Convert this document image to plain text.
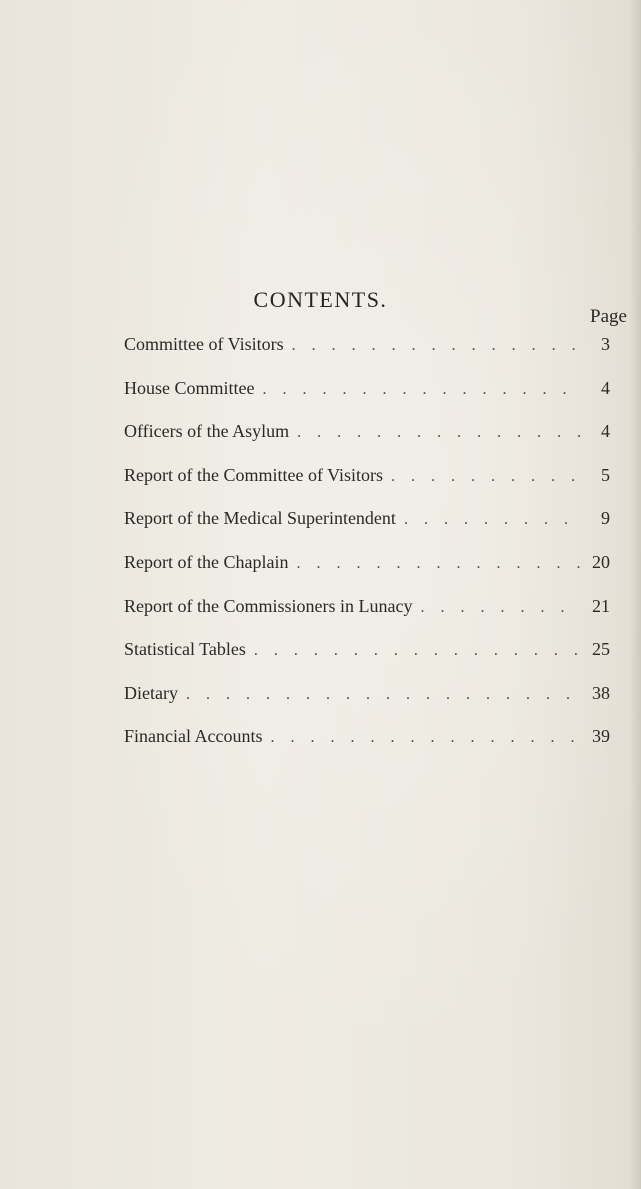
CONTENTS.
Page
Committee of Visitors . . .	3
House Committee . . .	4
Officers of the Asylum . . .	4
Report of the Committee of Visitors . . .	5
Report of the Medical Superintendent . . .	9
Report of the Chaplain . . .	20
Report of the Commissioners in Lunacy . . .	21
Statistical Tables . . .	25
Dietary . . .	38
Financial Accounts . . .	39
